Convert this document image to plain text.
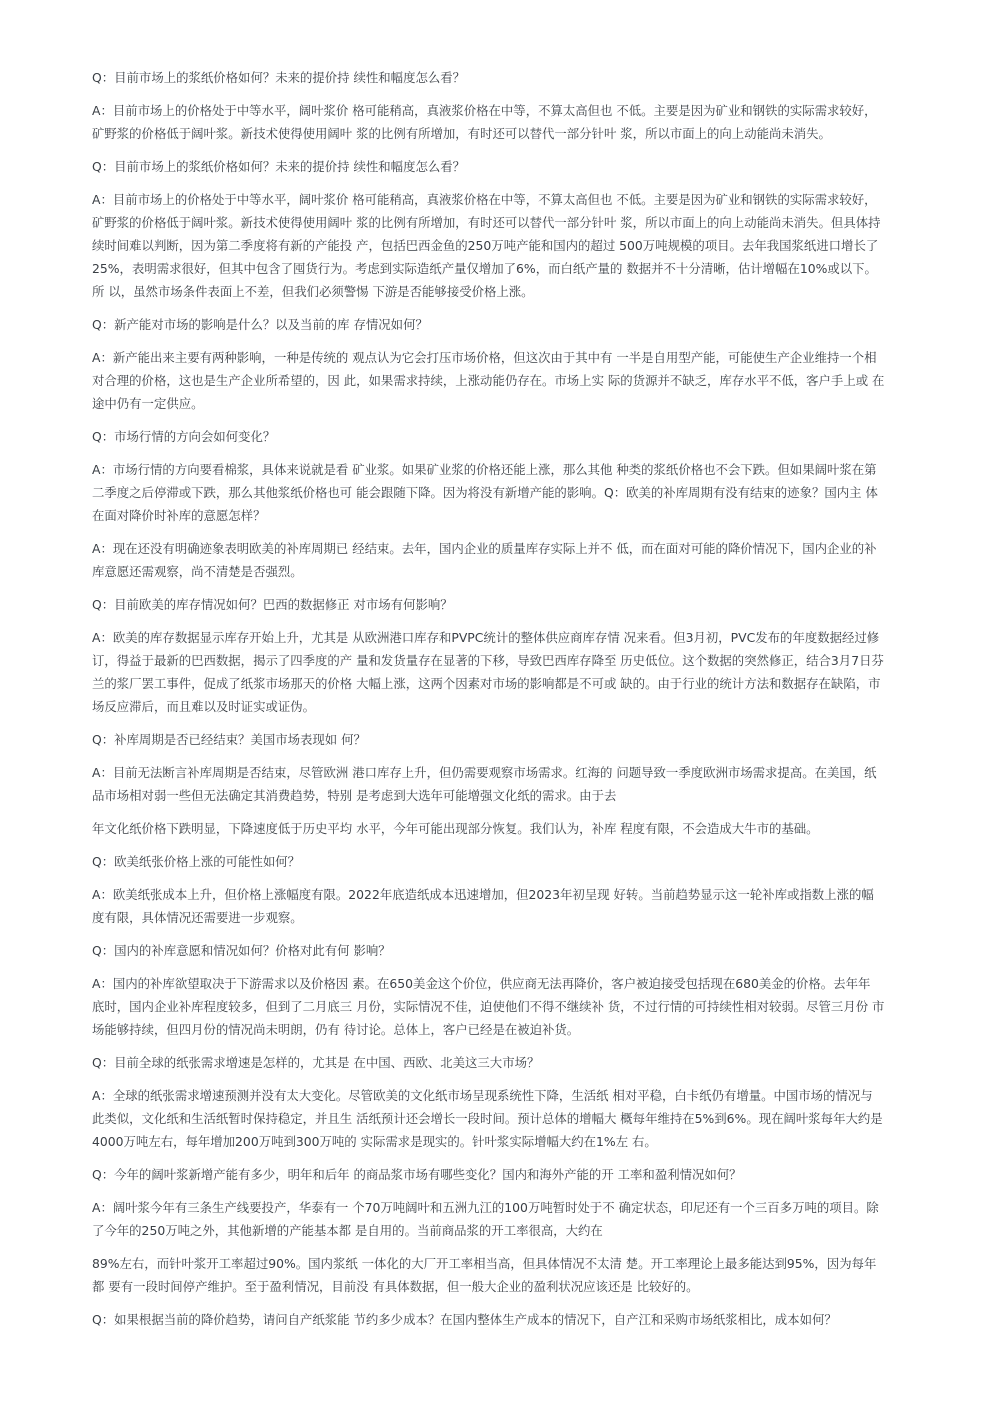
Q：目前市场上的浆纸价格如何？未来的提价持 续性和幅度怎么看？

A：目前市场上的价格处于中等水平，阔叶浆价 格可能稍高，真液浆价格在中等，不算太高但也 不低。主要是因为矿业和钢铁的实际需求较好，
矿野浆的价格低于阔叶浆。新技术使得使用阔叶 浆的比例有所增加，有时还可以替代一部分针叶 浆，所以市面上的向上动能尚未消失。

Q：目前市场上的浆纸价格如何？未来的提价持 续性和幅度怎么看？

A：目前市场上的价格处于中等水平，阔叶浆价 格可能稍高，真液浆价格在中等，不算太高但也 不低。主要是因为矿业和钢铁的实际需求较好，
矿野浆的价格低于阔叶浆。新技术使得使用阔叶 浆的比例有所增加，有时还可以替代一部分针叶 浆，所以市面上的向上动能尚未消失。但具体持
续时间难以判断，因为第二季度将有新的产能投 产，包括巴西金鱼的250万吨产能和国内的超过 500万吨规模的项目。去年我国浆纸进口增长了
25%，表明需求很好，但其中包含了囤货行为。考虑到实际造纸产量仅增加了6%，而白纸产量的 数据并不十分清晰，估计增幅在10%或以下。
所 以，虽然市场条件表面上不差，但我们必须警惕 下游是否能够接受价格上涨。

Q：新产能对市场的影响是什么？以及当前的库 存情况如何？

A：新产能出来主要有两种影响，一种是传统的 观点认为它会打压市场价格，但这次由于其中有 一半是自用型产能，可能使生产企业维持一个相
对合理的价格，这也是生产企业所希望的，因 此，如果需求持续，上涨动能仍存在。市场上实 际的货源并不缺乏，库存水平不低，客户手上或 在
途中仍有一定供应。

Q：市场行情的方向会如何变化？

A：市场行情的方向要看棉浆，具体来说就是看 矿业浆。如果矿业浆的价格还能上涨，那么其他 种类的浆纸价格也不会下跌。但如果阔叶浆在第
二季度之后停滞或下跌，那么其他浆纸价格也可 能会跟随下降。因为将没有新增产能的影响。Q：欧美的补库周期有没有结束的迹象？国内主 体
在面对降价时补库的意愿怎样？

A：现在还没有明确迹象表明欧美的补库周期已 经结束。去年，国内企业的质量库存实际上并不 低，而在面对可能的降价情况下，国内企业的补
库意愿还需观察，尚不清楚是否强烈。

Q：目前欧美的库存情况如何？巴西的数据修正 对市场有何影响？

A：欧美的库存数据显示库存开始上升，尤其是 从欧洲港口库存和PVPC统计的整体供应商库存情 况来看。但3月初，PVC发布的年度数据经过修
订，得益于最新的巴西数据，揭示了四季度的产 量和发货量存在显著的下移，导致巴西库存降至 历史低位。这个数据的突然修正，结合3月7日芬
兰的浆厂罢工事件，促成了纸浆市场那天的价格 大幅上涨，这两个因素对市场的影响都是不可或 缺的。由于行业的统计方法和数据存在缺陷，市
场反应滞后，而且难以及时证实或证伪。

Q：补库周期是否已经结束？美国市场表现如 何？

A：目前无法断言补库周期是否结束，尽管欧洲 港口库存上升，但仍需要观察市场需求。红海的 问题导致一季度欧洲市场需求提高。在美国，纸
品市场相对弱一些但无法确定其消费趋势，特别 是考虑到大选年可能增强文化纸的需求。由于去

年文化纸价格下跌明显，下降速度低于历史平均 水平，今年可能出现部分恢复。我们认为，补库 程度有限，不会造成大牛市的基础。

Q：欧美纸张价格上涨的可能性如何？

A：欧美纸张成本上升，但价格上涨幅度有限。2022年底造纸成本迅速增加，但2023年初呈现 好转。当前趋势显示这一轮补库或指数上涨的幅
度有限，具体情况还需要进一步观察。

Q：国内的补库意愿和情况如何？价格对此有何 影响？

A：国内的补库欲望取决于下游需求以及价格因 素。在650美金这个价位，供应商无法再降价，客户被迫接受包括现在680美金的价格。去年年
底时，国内企业补库程度较多，但到了二月底三 月份，实际情况不佳，迫使他们不得不继续补 货，不过行情的可持续性相对较弱。尽管三月份 市
场能够持续，但四月份的情况尚未明朗，仍有 待讨论。总体上，客户已经是在被迫补货。

Q：目前全球的纸张需求增速是怎样的，尤其是 在中国、西欧、北美这三大市场？

A：全球的纸张需求增速预测并没有太大变化。尽管欧美的文化纸市场呈现系统性下降，生活纸 相对平稳，白卡纸仍有增量。中国市场的情况与
此类似，文化纸和生活纸暂时保持稳定，并且生 活纸预计还会增长一段时间。预计总体的增幅大 概每年维持在5%到6%。现在阔叶浆每年大约是
4000万吨左右，每年增加200万吨到300万吨的 实际需求是现实的。针叶浆实际增幅大约在1%左 右。

Q：今年的阔叶浆新增产能有多少，明年和后年 的商品浆市场有哪些变化？国内和海外产能的开 工率和盈利情况如何？

A：阔叶浆今年有三条生产线要投产，华泰有一 个70万吨阔叶和五洲九江的100万吨暂时处于不 确定状态，印尼还有一个三百多万吨的项目。除
了今年的250万吨之外，其他新增的产能基本都 是自用的。当前商品浆的开工率很高，大约在

89%左右，而针叶浆开工率超过90%。国内浆纸 一体化的大厂开工率相当高，但具体情况不太清 楚。开工率理论上最多能达到95%，因为每年
都 要有一段时间停产维护。至于盈利情况，目前没 有具体数据，但一般大企业的盈利状况应该还是 比较好的。

Q：如果根据当前的降价趋势，请问自产纸浆能 节约多少成本？在国内整体生产成本的情况下，自产江和采购市场纸浆相比，成本如何？
